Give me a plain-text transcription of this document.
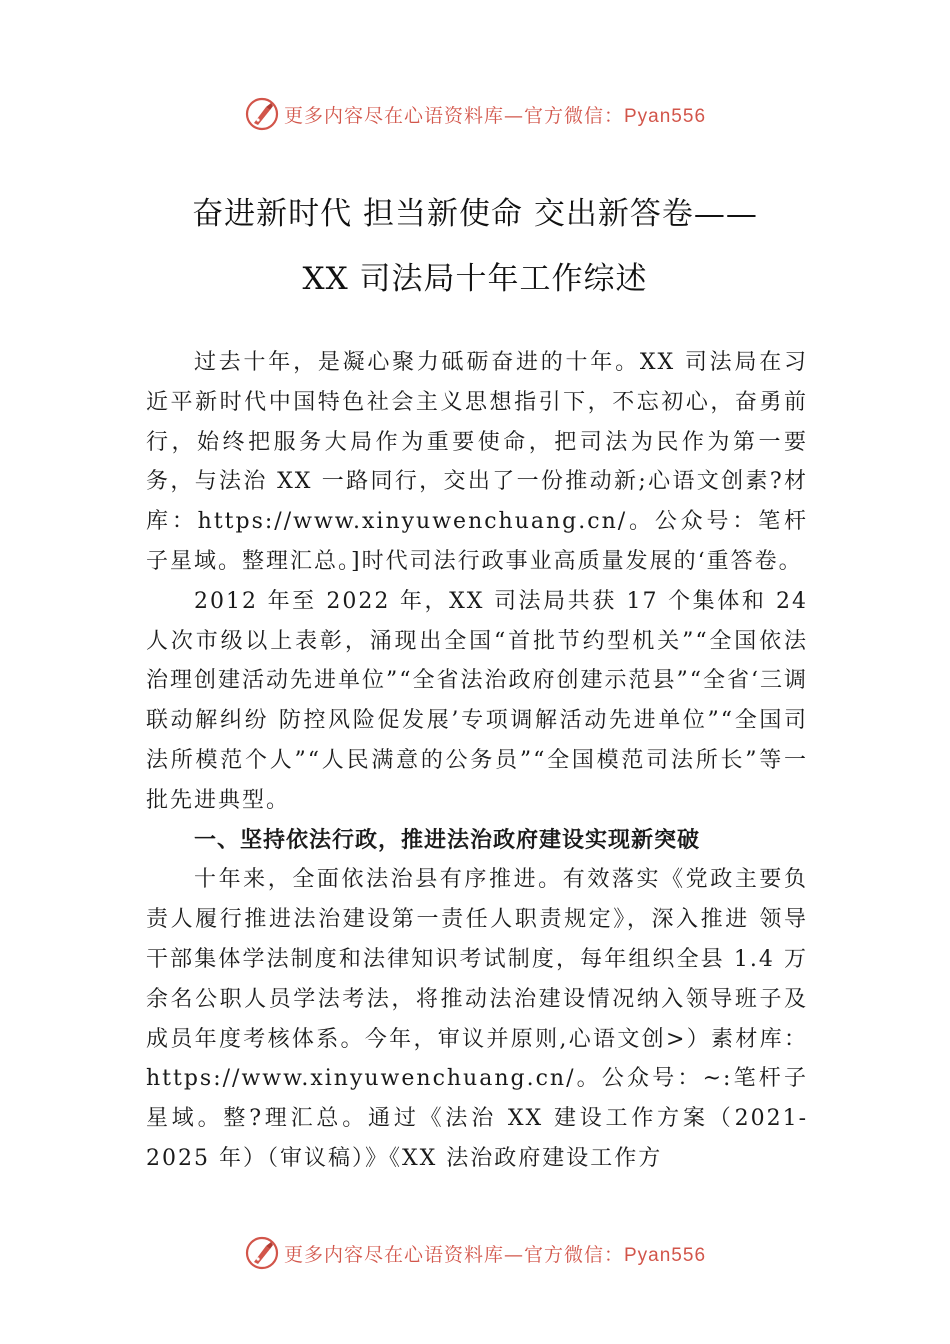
更多内容尽在心语资料库—官方微信：Pyan556
奋进新时代 担当新使命 交出新答卷——
XX 司法局十年工作综述

过去十年，是凝心聚力砥砺奋进的十年。XX 司法局在习近平新时代中国特色社会主义思想指引下，不忘初心，奋勇前行，始终把服务大局作为重要使命，把司法为民作为第一要务，与法治 XX 一路同行，交出了一份推动新;心语文创素?材库：https://www.xinyuwenchuang.cn/。公众号：笔杆子星域。整理汇总。]时代司法行政事业高质量发展的‘重答卷。

2012 年至 2022 年，XX 司法局共获 17 个集体和 24 人次市级以上表彰，涌现出全国“首批节约型机关”“全国依法治理创建活动先进单位”“全省法治政府创建示范县”“全省‘三调联动解纠纷 防控风险促发展’专项调解活动先进单位”“全国司法所模范个人”“人民满意的公务员”“全国模范司法所长”等一批先进典型。

一、坚持依法行政，推进法治政府建设实现新突破

十年来，全面依法治县有序推进。有效落实《党政主要负责人履行推进法治建设第一责任人职责规定》，深入推进 领导干部集体学法制度和法律知识考试制度，每年组织全县 1.4 万余名公职人员学法考法，将推动法治建设情况纳入领导班子及成员年度考核体系。今年，审议并原则,心语文创>）素材库：https://www.xinyuwenchuang.cn/。公众号：~:笔杆子星域。整?理汇总。通过《法治 XX 建设工作方案（2021-2025 年）（审议稿）》《XX 法治政府建设工作方

更多内容尽在心语资料库—官方微信：Pyan556
